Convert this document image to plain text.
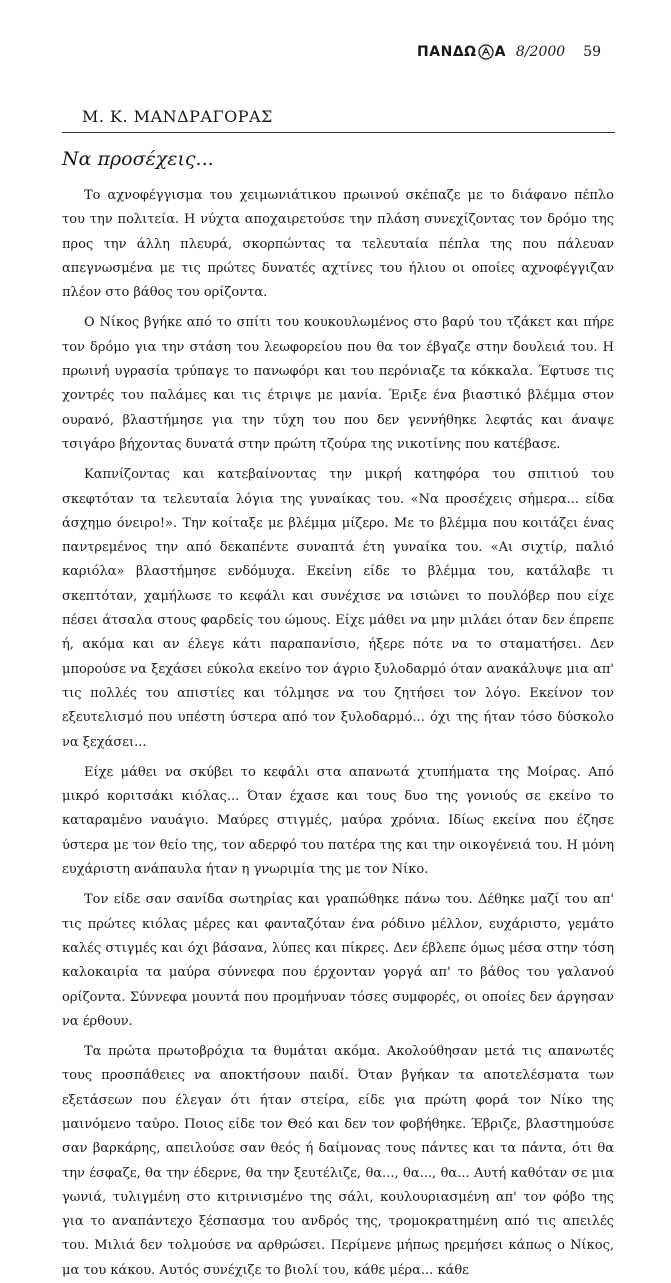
ΠΑΝΔΩ Α 8/2000 59
Μ. Κ. ΜΑΝΔΡΑΓΟΡΑΣ
Να προσέχεις...

Το αχνοφέγγισμα του χειμωνιάτικου πρωινού σκέπαζε με το διάφανο πέπλο του την πολιτεία. Η νύχτα αποχαιρετούσε την πλάση συνεχίζοντας τον δρόμο της προς την άλλη πλευρά, σκορπώντας τα τελευταία πέπλα της που πάλευαν απεγνωσμένα με τις πρώτες δυνατές αχτίνες του ήλιου οι οποίες αχνοφέγγιζαν πλέον στο βάθος του ορίζοντα.

Ο Νίκος βγήκε από το σπίτι του κουκουλωμένος στο βαρύ του τζάκετ και πήρε τον δρόμο για την στάση του λεωφορείου που θα τον έβγαζε στην δουλειά του. Η πρωινή υγρασία τρύπαγε το πανωφόρι και του περόνιαζε τα κόκκαλα. Έφτυσε τις χοντρές του παλάμες και τις έτριψε με μανία. Έριξε ένα βιαστικό βλέμμα στον ουρανό, βλαστήμησε για την τύχη του που δεν γεννήθηκε λεφτάς και άναψε τσιγάρο βήχοντας δυνατά στην πρώτη τζούρα της νικοτίνης που κατέβασε.

Καπνίζοντας και κατεβαίνοντας την μικρή κατηφόρα του σπιτιού του σκεφτόταν τα τελευταία λόγια της γυναίκας του. «Να προσέχεις σήμερα... είδα άσχημο όνειρο!». Την κοίταξε με βλέμμα μίζερο. Με το βλέμμα που κοιτάζει ένας παντρεμένος την από δεκαπέντε συναπτά έτη γυναίκα του. «Αι σιχτίρ, παλιό καριόλα» βλαστήμησε ενδόμυχα. Εκείνη είδε το βλέμμα του, κατάλαβε τι σκεπτόταν, χαμήλωσε το κεφάλι και συνέχισε να ισιώνει το πουλόβερ που είχε πέσει άτσαλα στους φαρδείς του ώμους. Είχε μάθει να μην μιλάει όταν δεν έπρεπε ή, ακόμα και αν έλεγε κάτι παραπανίσιο, ήξερε πότε να το σταματήσει. Δεν μπορούσε να ξεχάσει εύκολα εκείνο τον άγριο ξυλοδαρμό όταν ανακάλυψε μια απ' τις πολλές του απιστίες και τόλμησε να του ζητήσει τον λόγο. Εκείνον τον εξευτελισμό που υπέστη ύστερα από τον ξυλοδαρμό... όχι της ήταν τόσο δύσκολο να ξεχάσει...

Είχε μάθει να σκύβει το κεφάλι στα απανωτά χτυπήματα της Μοίρας. Από μικρό κοριτσάκι κιόλας... Όταν έχασε και τους δυο της γονιούς σε εκείνο το καταραμένο ναυάγιο. Μαύρες στιγμές, μαύρα χρόνια. Ιδίως εκείνα που έζησε ύστερα με τον θείο της, τον αδερφό του πατέρα της και την οικογένειά του. Η μόνη ευχάριστη ανάπαυλα ήταν η γνωριμία της με τον Νίκο.

Τον είδε σαν σανίδα σωτηρίας και γραπώθηκε πάνω του. Δέθηκε μαζί του απ' τις πρώτες κιόλας μέρες και φανταζόταν ένα ρόδινο μέλλον, ευχάριστο, γεμάτο καλές στιγμές και όχι βάσανα, λύπες και πίκρες. Δεν έβλεπε όμως μέσα στην τόση καλοκαιρία τα μαύρα σύννεφα που έρχονταν γοργά απ' το βάθος του γαλανού ορίζοντα. Σύννεφα μουντά που προμήνυαν τόσες συμφορές, οι οποίες δεν άργησαν να έρθουν.

Τα πρώτα πρωτοβρόχια τα θυμάται ακόμα. Ακολούθησαν μετά τις απανωτές τους προσπάθειες να αποκτήσουν παιδί. Όταν βγήκαν τα αποτελέσματα των εξετάσεων που έλεγαν ότι ήταν στείρα, είδε για πρώτη φορά τον Νίκο της μαινόμενο ταύρο. Ποιος είδε τον Θεό και δεν τον φοβήθηκε. Έβριζε, βλαστημούσε σαν βαρκάρης, απειλούσε σαν θεός ή δαίμονας τους πάντες και τα πάντα, ότι θα την έσφαζε, θα την έδερνε, θα την ξευτέλιζε, θα..., θα..., θα... Αυτή καθόταν σε μια γωνιά, τυλιγμένη στο κιτρινισμένο της σάλι, κουλουριασμένη απ' τον φόβο της για το αναπάντεχο ξέσπασμα του ανδρός της, τρομοκρατημένη από τις απειλές του. Μιλιά δεν τολμούσε να αρθρώσει. Περίμενε μήπως ηρεμήσει κάπως ο Νίκος, μα του κάκου. Αυτός συνέχιζε το βιολί του, κάθε μέρα... κάθε
